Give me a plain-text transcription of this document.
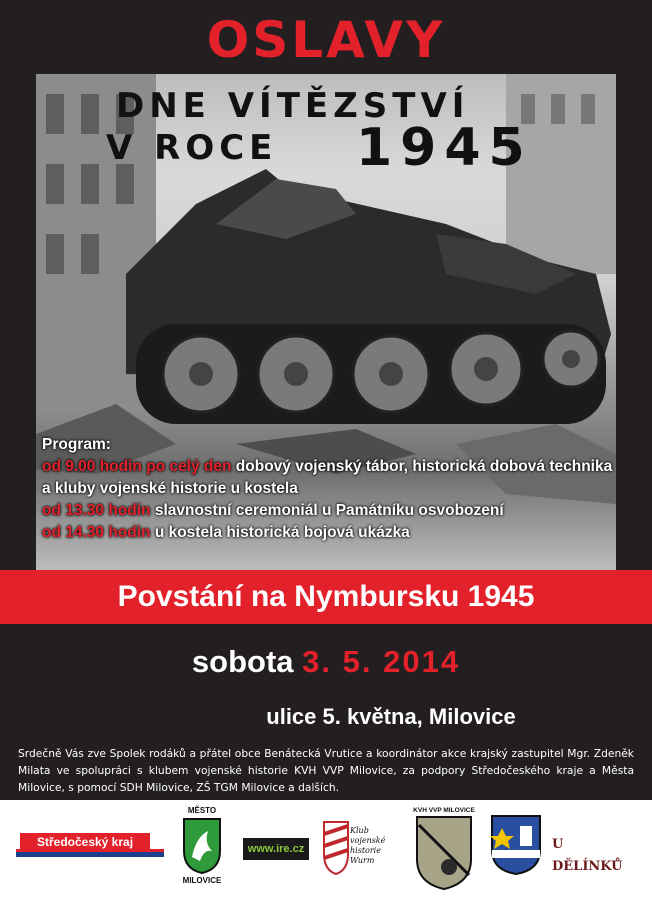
OSLAVY
DNE VÍTĚZSTVÍ
V ROCE 1945
Program:
od 9.00 hodin po celý den dobový vojenský tábor, historická dobová technika a kluby vojenské historie u kostela
od 13.30 hodin slavnostní ceremoniál u Památníku osvobození
od 14.30 hodin u kostela historická bojová ukázka
Povstání na Nymbursku 1945
sobota 3. 5. 2014
ulice 5. května, Milovice
Srdečně Vás zve Spolek rodáků a přátel obce Benátecká Vrutice a koordinátor akce krajský zastupitel Mgr. Zdeněk Milata ve spolupráci s klubem vojenské historie KVH VVP Milovice, za podpory Středočeského kraje a Města Milovice, s pomocí SDH Milovice, ZŠ TGM Milovice a dalších.
Středočeský kraj
MĚSTO
MILOVICE
www.ire.cz
Klub vojenské historie Wurm
KVH VVP MILOVICE
U DĚLÍNKŮ
